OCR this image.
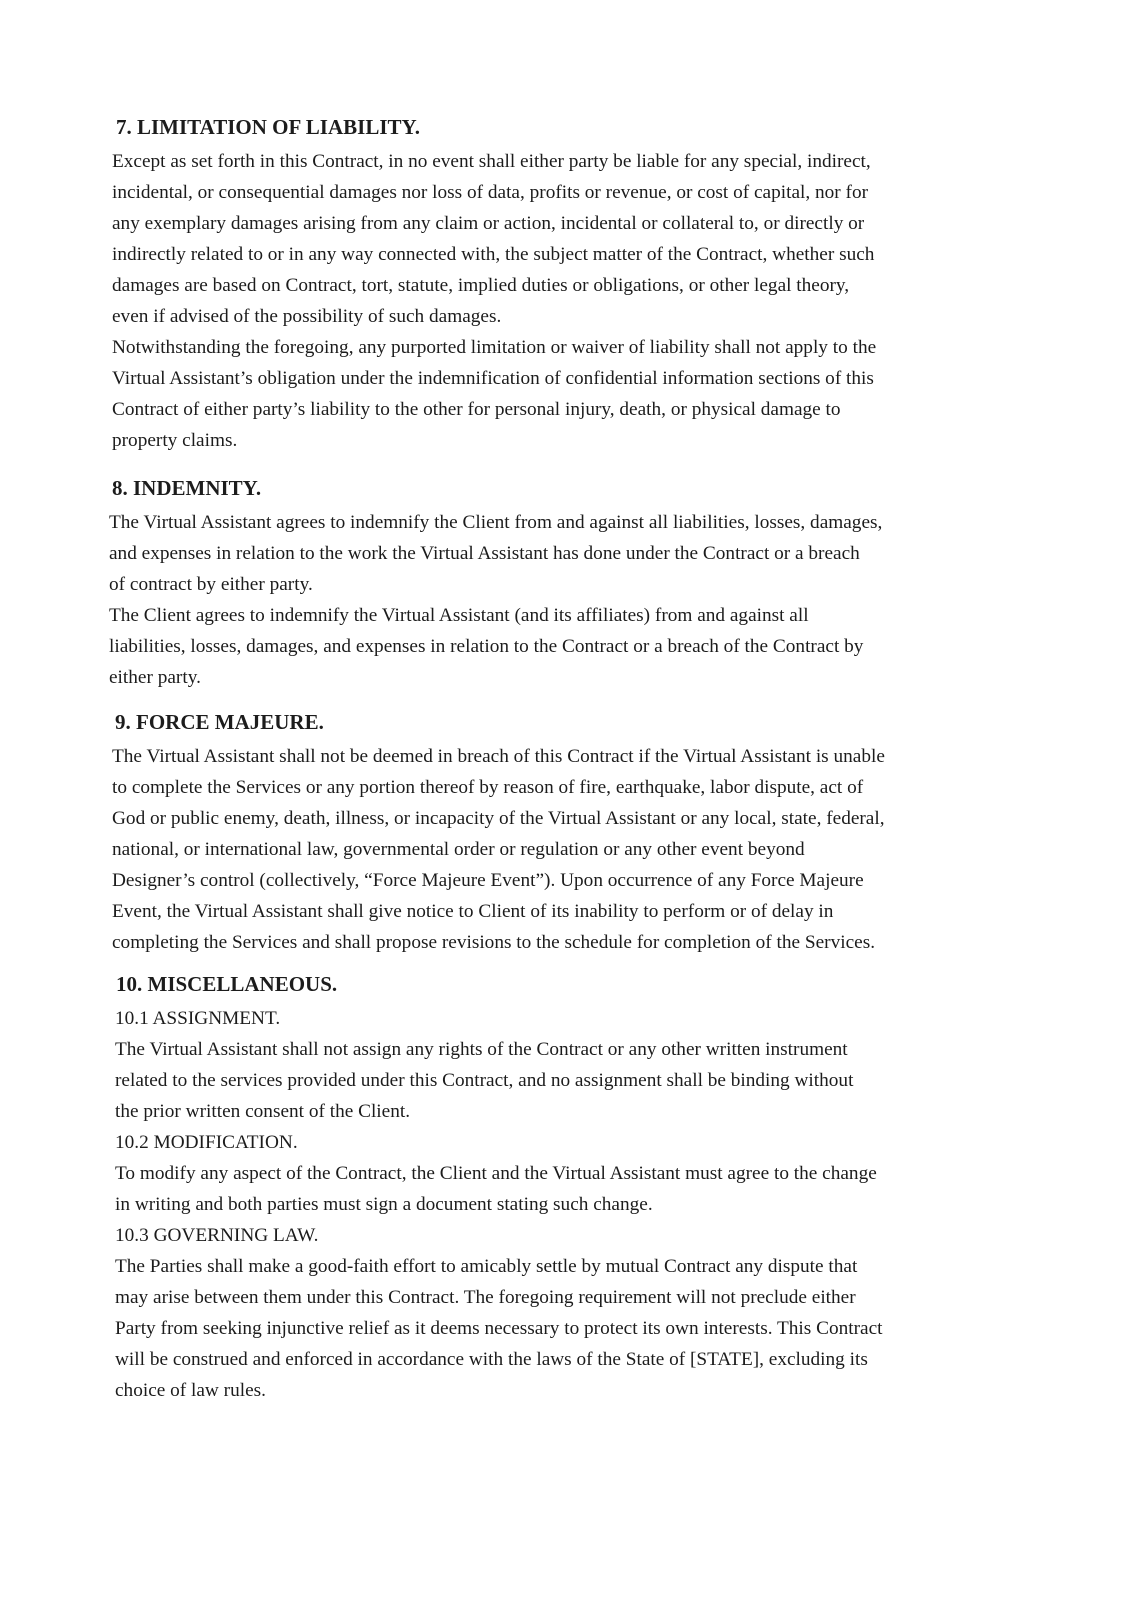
7. LIMITATION OF LIABILITY.
Except as set forth in this Contract, in no event shall either party be liable for any special, indirect,
incidental, or consequential damages nor loss of data, profits or revenue, or cost of capital, nor for
any exemplary damages arising from any claim or action, incidental or collateral to, or directly or
indirectly related to or in any way connected with, the subject matter of the Contract, whether such
damages are based on Contract, tort, statute, implied duties or obligations, or other legal theory,
even if advised of the possibility of such damages.
Notwithstanding the foregoing, any purported limitation or waiver of liability shall not apply to the
Virtual Assistant’s obligation under the indemnification of confidential information sections of this
Contract of either party’s liability to the other for personal injury, death, or physical damage to
property claims.
8. INDEMNITY.
The Virtual Assistant agrees to indemnify the Client from and against all liabilities, losses, damages,
and expenses in relation to the work the Virtual Assistant has done under the Contract or a breach
of contract by either party.
The Client agrees to indemnify the Virtual Assistant (and its affiliates) from and against all
liabilities, losses, damages, and expenses in relation to the Contract or a breach of the Contract by
either party.
9. FORCE MAJEURE.
The Virtual Assistant shall not be deemed in breach of this Contract if the Virtual Assistant is unable
to complete the Services or any portion thereof by reason of fire, earthquake, labor dispute, act of
God or public enemy, death, illness, or incapacity of the Virtual Assistant or any local, state, federal,
national, or international law, governmental order or regulation or any other event beyond
Designer’s control (collectively, “Force Majeure Event”). Upon occurrence of any Force Majeure
Event, the Virtual Assistant shall give notice to Client of its inability to perform or of delay in
completing the Services and shall propose revisions to the schedule for completion of the Services.
10. MISCELLANEOUS.
10.1 ASSIGNMENT.
The Virtual Assistant shall not assign any rights of the Contract or any other written instrument
related to the services provided under this Contract, and no assignment shall be binding without
the prior written consent of the Client.
10.2 MODIFICATION.
To modify any aspect of the Contract, the Client and the Virtual Assistant must agree to the change
in writing and both parties must sign a document stating such change.
10.3 GOVERNING LAW.
The Parties shall make a good-faith effort to amicably settle by mutual Contract any dispute that
may arise between them under this Contract. The foregoing requirement will not preclude either
Party from seeking injunctive relief as it deems necessary to protect its own interests. This Contract
will be construed and enforced in accordance with the laws of the State of [STATE], excluding its
choice of law rules.
